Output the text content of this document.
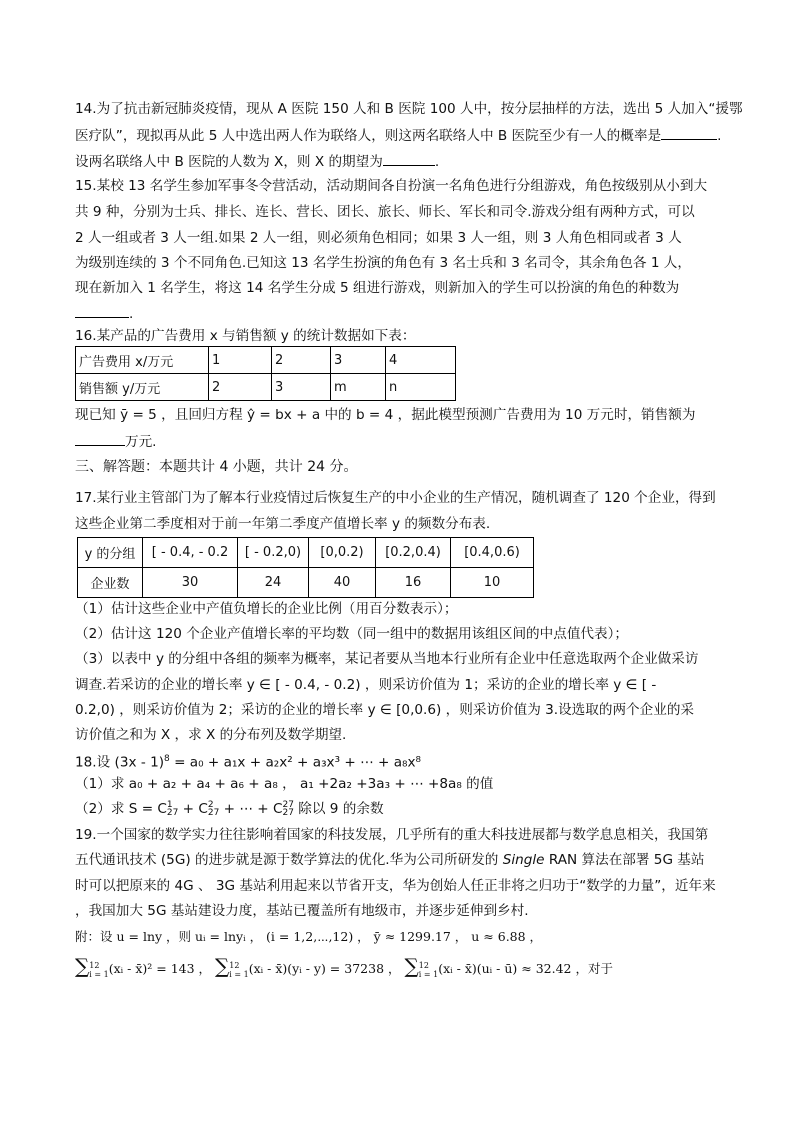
14.为了抗击新冠肺炎疫情，现从 A 医院 150 人和 B 医院 100 人中，按分层抽样的方法，选出 5 人加入“援鄂
医疗队”，现拟再从此 5 人中选出两人作为联络人，则这两名联络人中 B 医院至少有一人的概率是	.
设两名联络人中 B 医院的人数为 X，则 X 的期望为	.
15.某校 13 名学生参加军事冬令营活动，活动期间各自扮演一名角色进行分组游戏，角色按级别从小到大
共 9 种，分别为士兵、排长、连长、营长、团长、旅长、师长、军长和司令.游戏分组有两种方式，可以
2 人一组或者 3 人一组.如果 2 人一组，则必须角色相同；如果 3 人一组，则 3 人角色相同或者 3 人
为级别连续的 3 个不同角色.已知这 13 名学生扮演的角色有 3 名士兵和 3 名司令，其余角色各 1 人，
现在新加入 1 名学生，将这 14 名学生分成 5 组进行游戏，则新加入的学生可以扮演的角色的种数为
.
16.某产品的广告费用 x 与销售额 y 的统计数据如下表：
广告费用 x/万元	1	2	3	4
销售额 y/万元	2	3	m	n
现已知 ȳ = 5 ，且回归方程 ŷ = bx + a 中的 b = 4 ，据此模型预测广告费用为 10 万元时，销售额为
万元.
三、解答题：本题共计 4 小题，共计 24 分。
17.某行业主管部门为了解本行业疫情过后恢复生产的中小企业的生产情况，随机调查了 120 个企业，得到
这些企业第二季度相对于前一年第二季度产值增长率 y 的频数分布表.
y 的分组	[ - 0.4, - 0.2	[ - 0.2,0)	[0,0.2)	[0.2,0.4)	[0.4,0.6)
企业数	30	24	40	16	10
（1）估计这些企业中产值负增长的企业比例（用百分数表示）；
（2）估计这 120 个企业产值增长率的平均数（同一组中的数据用该组区间的中点值代表）；
（3）以表中 y 的分组中各组的频率为概率，某记者要从当地本行业所有企业中任意选取两个企业做采访
调查.若采访的企业的增长率 y ∈ [ - 0.4, - 0.2) ，则采访价值为 1；采访的企业的增长率 y ∈ [ -
0.2,0) ，则采访价值为 2；采访的企业的增长率 y ∈ [0,0.6) ，则采访价值为 3.设选取的两个企业的采
访价值之和为 X ，求 X 的分布列及数学期望.
18.设 (3x - 1)$^8$ = a₀ + a₁x + a₂x² + a₃x³ + ⋯ + a₈x⁸
（1）求 a₀ + a₂ + a₄ + a₆ + a₈ ， a₁ +2a₂ +3a₃ + ⋯ +8a₈ 的值
（2）求 S = C 1
27 + C 2
27 + ⋯ + C 27
27 除以 9 的余数
19.一个国家的数学实力往往影响着国家的科技发展，几乎所有的重大科技进展都与数学息息相关，我国第
五代通讯技术 (5G) 的进步就是源于数学算法的优化.华为公司所研发的 Single RAN 算法在部署 5G 基站
时可以把原来的 4G 、 3G 基站利用起来以节省开支，华为创始人任正非将之归功于“数学的力量”，近年来
，我国加大 5G 基站建设力度，基站已覆盖所有地级市，并逐步延伸到乡村.
附：设 u = lny ，则 uᵢ = lnyᵢ ， (i = 1,2,⋯,12) ， ȳ ≈ 1299.17 ， u ≈ 6.88 ，
∑ 12
i = 1 (xᵢ - x̄)² = 143 ， ∑ 12
i = 1 (xᵢ - x̄)(yᵢ - y) = 37238 ， ∑ 12
i = 1 (xᵢ - x̄)(uᵢ - ū) ≈ 32.42 ，对于
